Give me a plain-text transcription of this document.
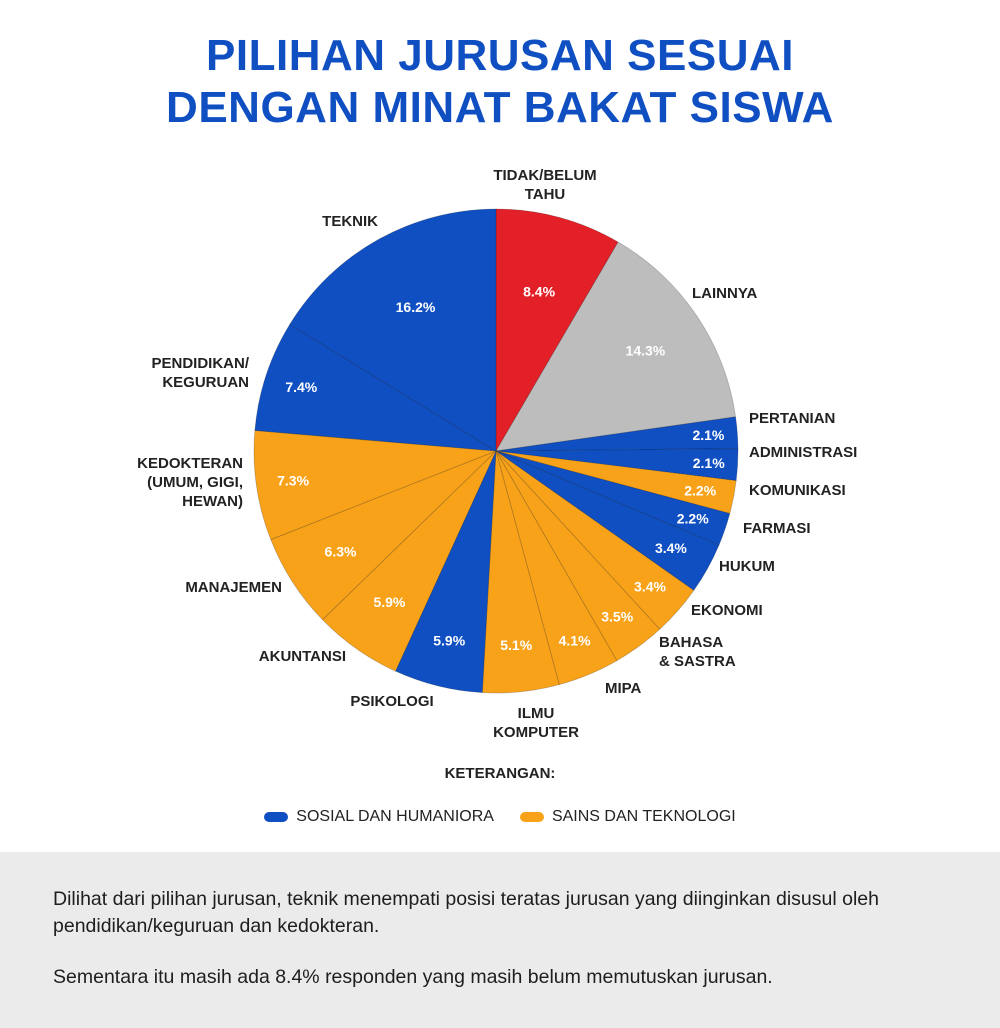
PILIHAN JURUSAN SESUAI
DENGAN MINAT BAKAT SISWA
8.4%
14.3%
2.1%
2.1%
2.2%
2.2%
3.4%
3.4%
3.5%
4.1%
5.1%
5.9%
5.9%
6.3%
7.3%
7.4%
16.2%
TIDAK/BELUM TAHU
LAINNYA
PERTANIAN
ADMINISTRASI
KOMUNIKASI
FARMASI
HUKUM
EKONOMI
BAHASA & SASTRA
MIPA
ILMU KOMPUTER
PSIKOLOGI
AKUNTANSI
MANAJEMEN
KEDOKTERAN (UMUM, GIGI, HEWAN)
PENDIDIKAN/ KEGURUAN
TEKNIK
KETERANGAN:
SOSIAL DAN HUMANIORA	SAINS DAN TEKNOLOGI
Dilihat dari pilihan jurusan, teknik menempati posisi teratas jurusan yang diinginkan disusul oleh pendidikan/keguruan dan kedokteran.
Sementara itu masih ada 8.4% responden yang masih belum memutuskan jurusan.
